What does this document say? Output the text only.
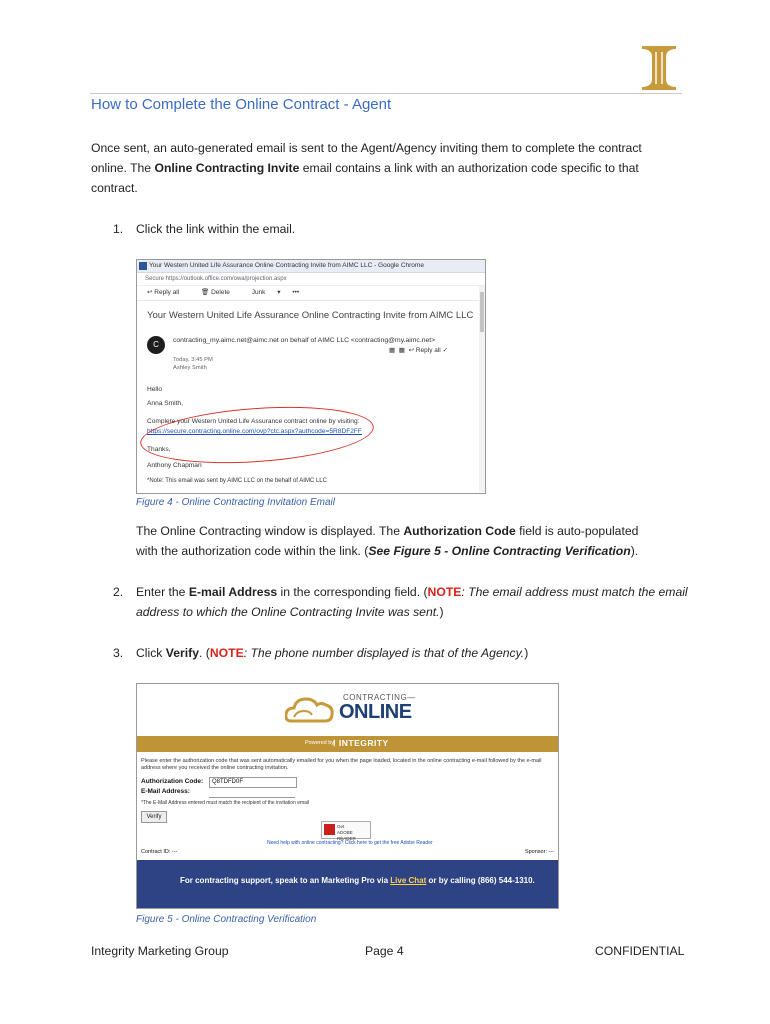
How to Complete the Online Contract - Agent
Once sent, an auto-generated email is sent to the Agent/Agency inviting them to complete the contract
online. The Online Contracting Invite email contains a link with an authorization code specific to that
contract.
1. Click the link within the email.
Your Western United Life Assurance Online Contracting Invite from AIMC LLC - Google Chrome
Secure https://outlook.office.com/owa/projection.aspx
↩ Reply all	🗑 Delete	Junk ▾ •••
Your Western United Life Assurance Online Contracting Invite from AIMC LLC
C	contracting_my.aimc.net@aimc.net on behalf of AIMC LLC <contracting@my.aimc.net>
▦ ▩ ↩ Reply all ✓
Today, 3:45 PM
Ashley Smith
Hello
Anna Smith,
Complete your Western United Life Assurance contract online by visiting:
https://secure.contracting.online.com/ovp?ctc.aspx?authcode=5R8DF2FF
Thanks,
Anthony Chapman
*Note: This email was sent by AIMC LLC on the behalf of AIMC LLC
Figure 4 - Online Contracting Invitation Email
The Online Contracting window is displayed. The Authorization Code field is auto-populated
with the authorization code within the link. (See Figure 5 - Online Contracting Verification).
2. Enter the E-mail Address in the corresponding field. (NOTE: The email address must match the email
address to which the Online Contracting Invite was sent.)
3. Click Verify. (NOTE: The phone number displayed is that of the Agency.)
CONTRACTING—
ONLINE
Powered by
Ⅰ INTEGRITY
Please enter the authorization code that was sent automatically emailed for you when the page loaded, located in the online contracting e-mail followed by the e-mail
address where you received the online contracting invitation.
Authorization Code:	Q8TDFD0F
E-Mail Address:
*The E-Mail Address entered must match the recipient of the invitation email
Verify
Get
ADOBE READER
Need help with online contracting? Click here to get the free Adobe Reader
Contract ID: ---	Sponsor: ---
For contracting support, speak to an Marketing Pro via Live Chat or by calling (866) 544-1310.
Figure 5 - Online Contracting Verification
Integrity Marketing Group	Page 4	CONFIDENTIAL
